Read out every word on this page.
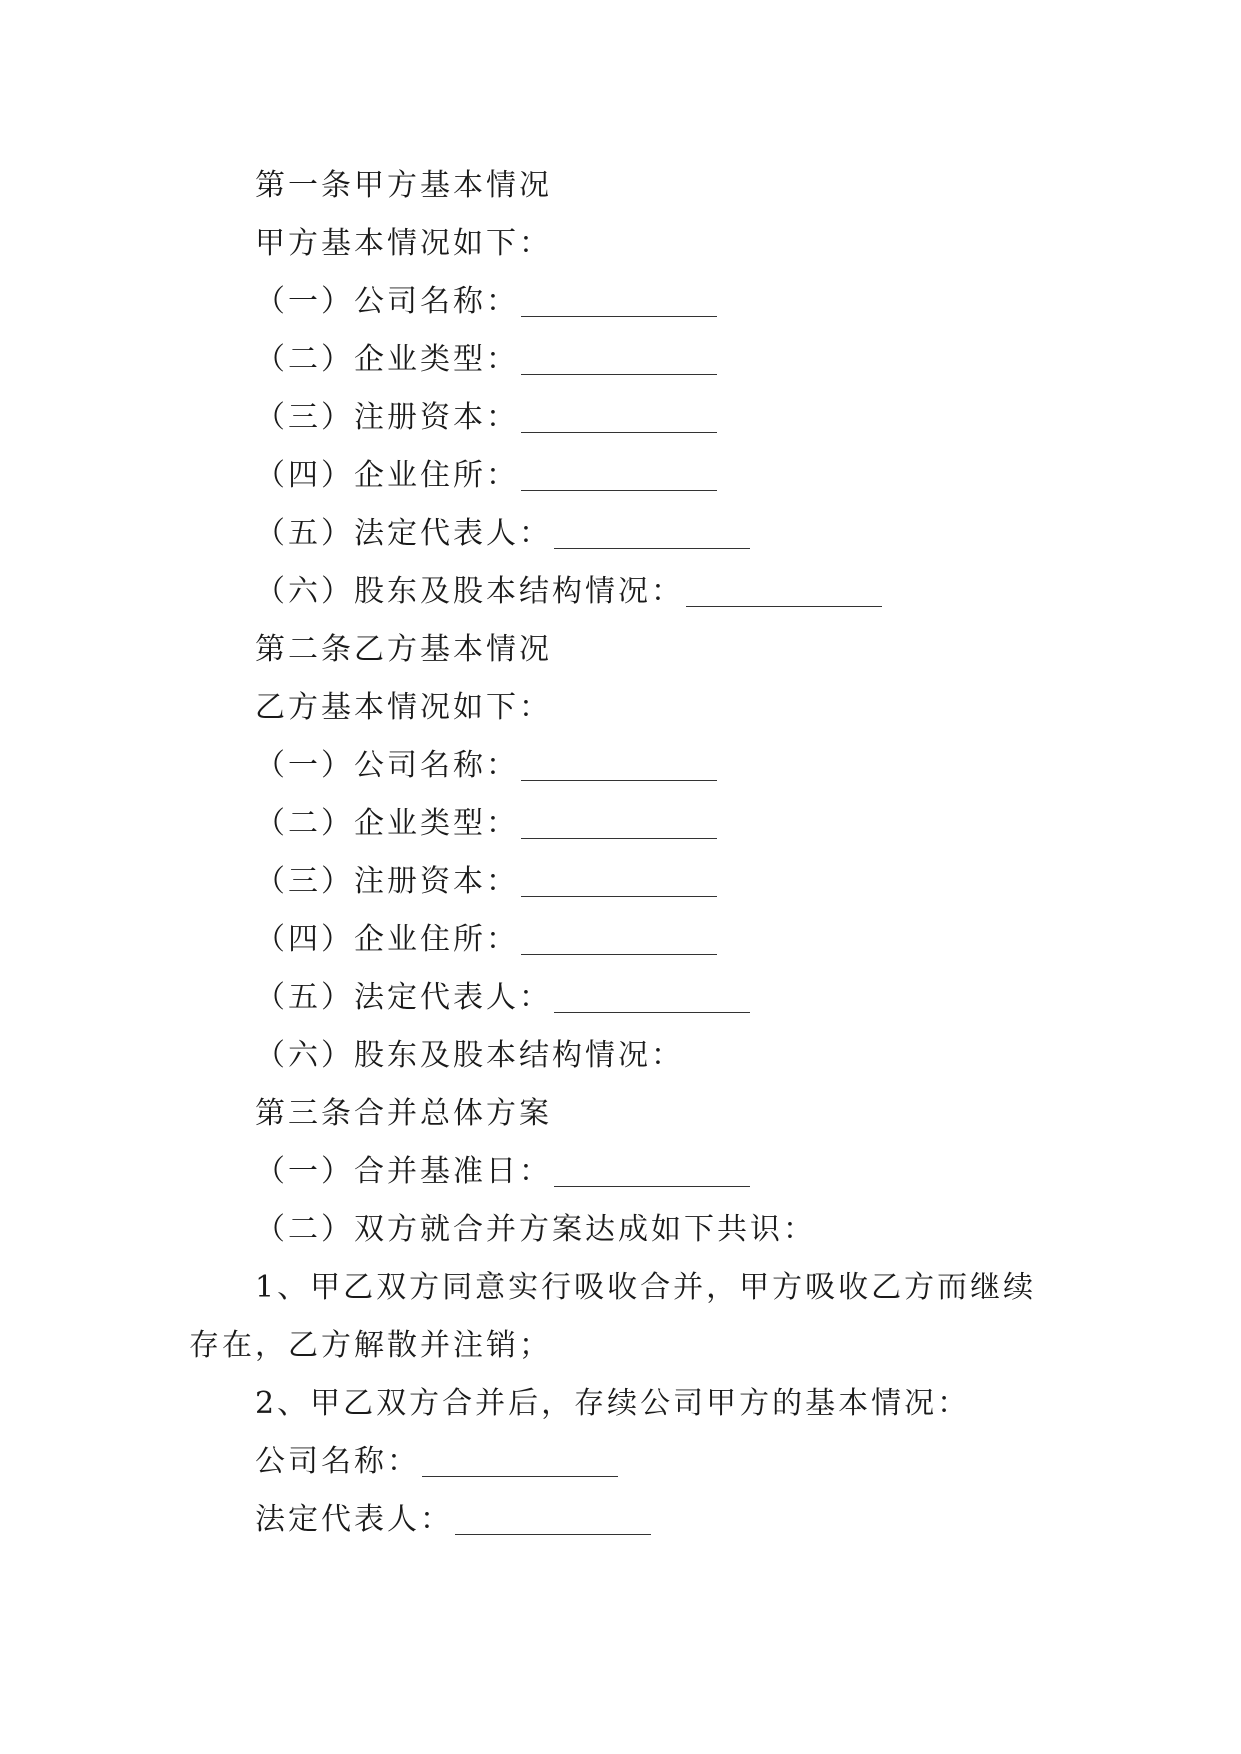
第一条甲方基本情况
甲方基本情况如下：
（一）公司名称：
（二）企业类型：
（三）注册资本：
（四）企业住所：
（五）法定代表人：
（六）股东及股本结构情况：
第二条乙方基本情况
乙方基本情况如下：
（一）公司名称：
（二）企业类型：
（三）注册资本：
（四）企业住所：
（五）法定代表人：
（六）股东及股本结构情况：
第三条合并总体方案
（一）合并基准日：
（二）双方就合并方案达成如下共识：
1、甲乙双方同意实行吸收合并，甲方吸收乙方而继续存在，乙方解散并注销；
2、甲乙双方合并后，存续公司甲方的基本情况：
公司名称：
法定代表人：
